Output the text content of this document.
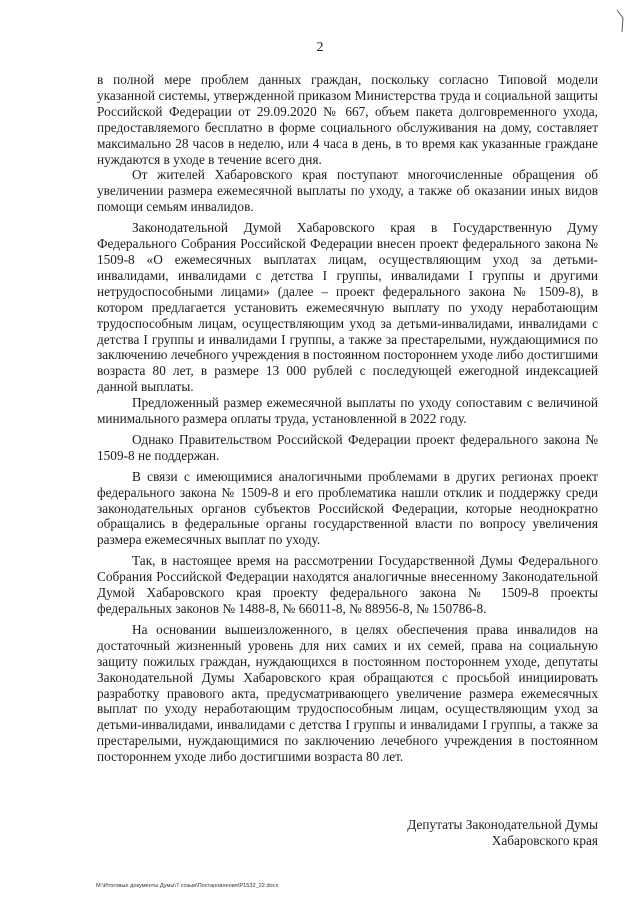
2

в полной мере проблем данных граждан, поскольку согласно Типовой модели указанной системы, утвержденной приказом Министерства труда и социальной защиты Российской Федерации от 29.09.2020 № 667, объем пакета долговременного ухода, предоставляемого бесплатно в форме социального обслуживания на дому, составляет максимально 28 часов в неделю, или 4 часа в день, в то время как указанные граждане нуждаются в уходе в течение всего дня.

От жителей Хабаровского края поступают многочисленные обращения об увеличении размера ежемесячной выплаты по уходу, а также об оказании иных видов помощи семьям инвалидов.

Законодательной Думой Хабаровского края в Государственную Думу Федерального Собрания Российской Федерации внесен проект федерального закона № 1509-8 «О ежемесячных выплатах лицам, осуществляющим уход за детьми-инвалидами, инвалидами с детства I группы, инвалидами I группы и другими нетрудоспособными лицами» (далее – проект федерального закона № 1509-8), в котором предлагается установить ежемесячную выплату по уходу неработающим трудоспособным лицам, осуществляющим уход за детьми-инвалидами, инвалидами с детства I группы и инвалидами I группы, а также за престарелыми, нуждающимися по заключению лечебного учреждения в постоянном постороннем уходе либо достигшими возраста 80 лет, в размере 13 000 рублей с последующей ежегодной индексацией данной выплаты.

Предложенный размер ежемесячной выплаты по уходу сопоставим с величиной минимального размера оплаты труда, установленной в 2022 году.

Однако Правительством Российской Федерации проект федерального закона № 1509-8 не поддержан.

В связи с имеющимися аналогичными проблемами в других регионах проект федерального закона № 1509-8 и его проблематика нашли отклик и поддержку среди законодательных органов субъектов Российской Федерации, которые неоднократно обращались в федеральные органы государственной власти по вопросу увеличения размера ежемесячных выплат по уходу.

Так, в настоящее время на рассмотрении Государственной Думы Федерального Собрания Российской Федерации находятся аналогичные внесенному Законодательной Думой Хабаровского края проекту федерального закона № 1509-8 проекты федеральных законов № 1488-8, № 66011-8, № 88956-8, № 150786-8.

На основании вышеизложенного, в целях обеспечения права инвалидов на достаточный жизненный уровень для них самих и их семей, права на социальную защиту пожилых граждан, нуждающихся в постоянном постороннем уходе, депутаты Законодательной Думы Хабаровского края обращаются с просьбой инициировать разработку правового акта, предусматривающего увеличение размера ежемесячных выплат по уходу неработающим трудоспособным лицам, осуществляющим уход за детьми-инвалидами, инвалидами с детства I группы и инвалидами I группы, а также за престарелыми, нуждающимися по заключению лечебного учреждения в постоянном постороннем уходе либо достигшими возраста 80 лет.

Депутаты Законодательной Думы
Хабаровского края
M:\Итоговые документы Думы\7 созыв\Постановления\P1532_22.docx
